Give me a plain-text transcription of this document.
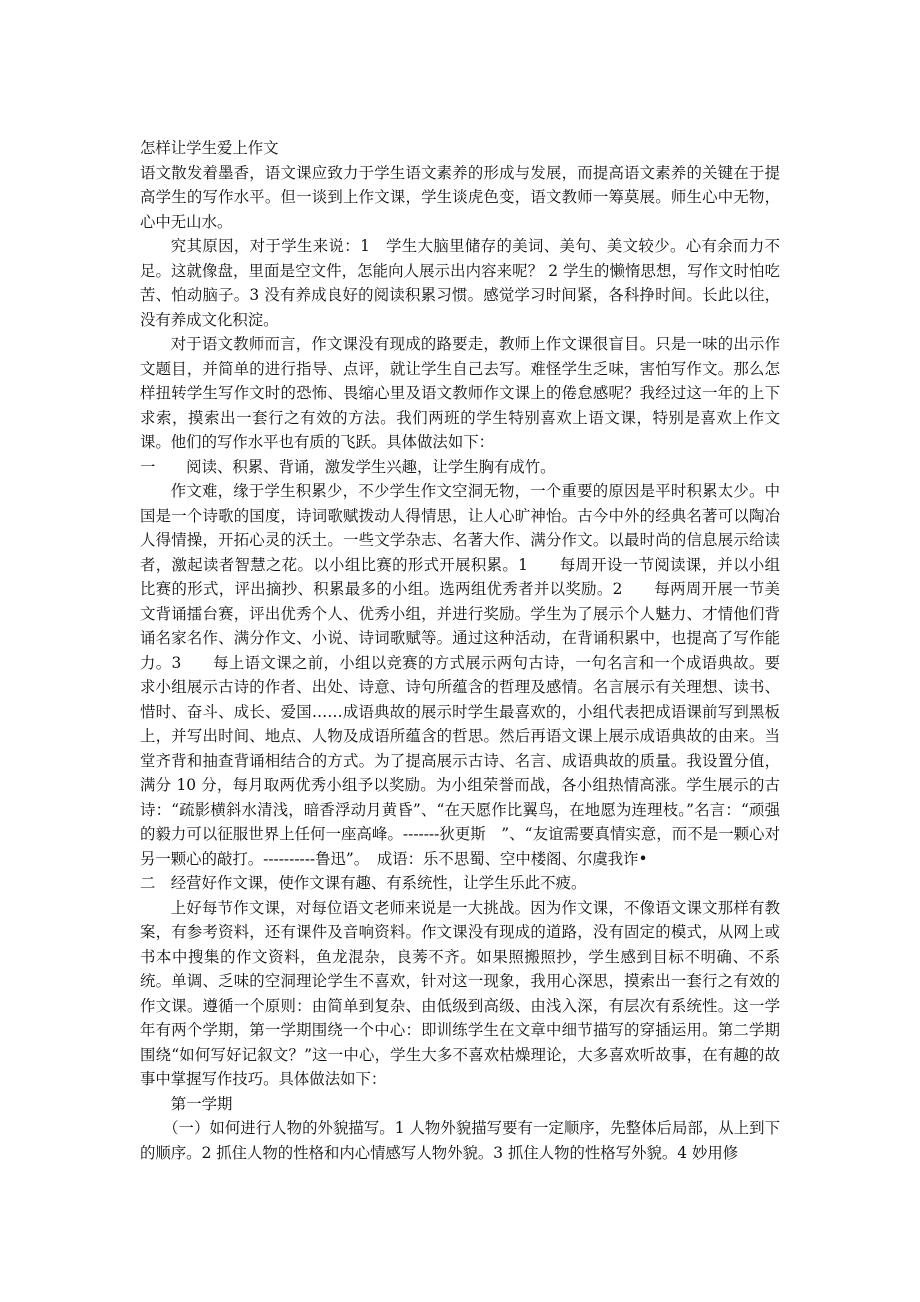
怎样让学生爱上作文

语文散发着墨香，语文课应致力于学生语文素养的形成与发展，而提高语文素养的关键在于提高学生的写作水平。但一谈到上作文课，学生谈虎色变，语文教师一筹莫展。师生心中无物，心中无山水。

究其原因，对于学生来说：1　学生大脑里储存的美词、美句、美文较少。心有余而力不足。这就像盘，里面是空文件，怎能向人展示出内容来呢？ 2 学生的懒惰思想，写作文时怕吃苦、怕动脑子。3 没有养成良好的阅读积累习惯。感觉学习时间紧，各科挣时间。长此以往，没有养成文化积淀。

对于语文教师而言，作文课没有现成的路要走，教师上作文课很盲目。只是一味的出示作文题目，并简单的进行指导、点评，就让学生自己去写。难怪学生乏味，害怕写作文。那么怎样扭转学生写作文时的恐怖、畏缩心里及语文教师作文课上的倦怠感呢？我经过这一年的上下求索，摸索出一套行之有效的方法。我们两班的学生特别喜欢上语文课，特别是喜欢上作文课。他们的写作水平也有质的飞跃。具体做法如下：

一　　阅读、积累、背诵，激发学生兴趣，让学生胸有成竹。

作文难，缘于学生积累少，不少学生作文空洞无物，一个重要的原因是平时积累太少。中国是一个诗歌的国度，诗词歌赋拨动人得情思，让人心旷神怡。古今中外的经典名著可以陶冶人得情操，开拓心灵的沃土。一些文学杂志、名著大作、满分作文。以最时尚的信息展示给读者，激起读者智慧之花。以小组比赛的形式开展积累。1　　每周开设一节阅读课，并以小组比赛的形式，评出摘抄、积累最多的小组。选两组优秀者并以奖励。2　　每两周开展一节美文背诵擂台赛，评出优秀个人、优秀小组，并进行奖励。学生为了展示个人魅力、才情他们背诵名家名作、满分作文、小说、诗词歌赋等。通过这种活动，在背诵积累中，也提高了写作能力。3　　每上语文课之前，小组以竞赛的方式展示两句古诗，一句名言和一个成语典故。要求小组展示古诗的作者、出处、诗意、诗句所蕴含的哲理及感情。名言展示有关理想、读书、惜时、奋斗、成长、爱国……成语典故的展示时学生最喜欢的，小组代表把成语课前写到黑板上，并写出时间、地点、人物及成语所蕴含的哲思。然后再语文课上展示成语典故的由来。当堂齐背和抽查背诵相结合的方式。为了提高展示古诗、名言、成语典故的质量。我设置分值，满分 10 分，每月取两优秀小组予以奖励。为小组荣誉而战，各小组热情高涨。学生展示的古诗：“疏影横斜水清浅，暗香浮动月黄昏”、“在天愿作比翼鸟，在地愿为连理枝。”名言：“顽强的毅力可以征服世界上任何一座高峰。-------狄更斯　”、“友谊需要真情实意，而不是一颗心对另一颗心的敲打。----------鲁迅”。　成语：乐不思蜀、空中楼阁、尔虞我诈•

二　经营好作文课，使作文课有趣、有系统性，让学生乐此不疲。

上好每节作文课，对每位语文老师来说是一大挑战。因为作文课，不像语文课文那样有教案，有参考资料，还有课件及音响资料。作文课没有现成的道路，没有固定的模式，从网上或书本中搜集的作文资料，鱼龙混杂，良莠不齐。如果照搬照抄，学生感到目标不明确、不系统。单调、乏味的空洞理论学生不喜欢，针对这一现象，我用心深思，摸索出一套行之有效的作文课。遵循一个原则：由简单到复杂、由低级到高级、由浅入深，有层次有系统性。这一学年有两个学期，第一学期围绕一个中心：即训练学生在文章中细节描写的穿插运用。第二学期围绕“如何写好记叙文？”这一中心，学生大多不喜欢枯燥理论，大多喜欢听故事，在有趣的故事中掌握写作技巧。具体做法如下：

第一学期

（一）如何进行人物的外貌描写。1 人物外貌描写要有一定顺序，先整体后局部，从上到下的顺序。2 抓住人物的性格和内心情感写人物外貌。3 抓住人物的性格写外貌。4 妙用修
